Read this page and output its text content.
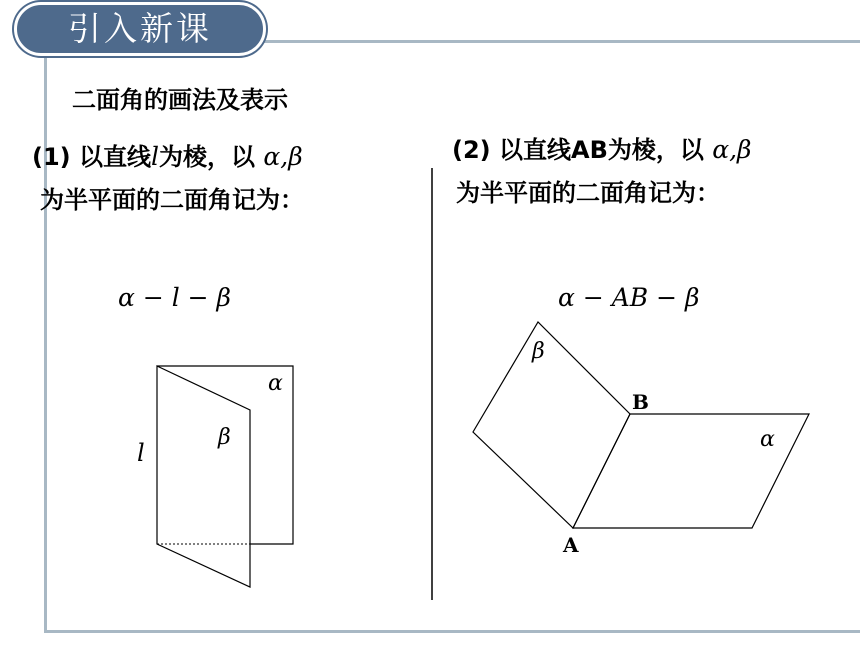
引入新课
二面角的画法及表示
(1) 以直线l为棱，以 α,β
为半平面的二面角记为：
α − l − β
(2) 以直线AB为棱，以 α,β
为半平面的二面角记为：
α − AB − β
α
β
l
β
α
B
A
